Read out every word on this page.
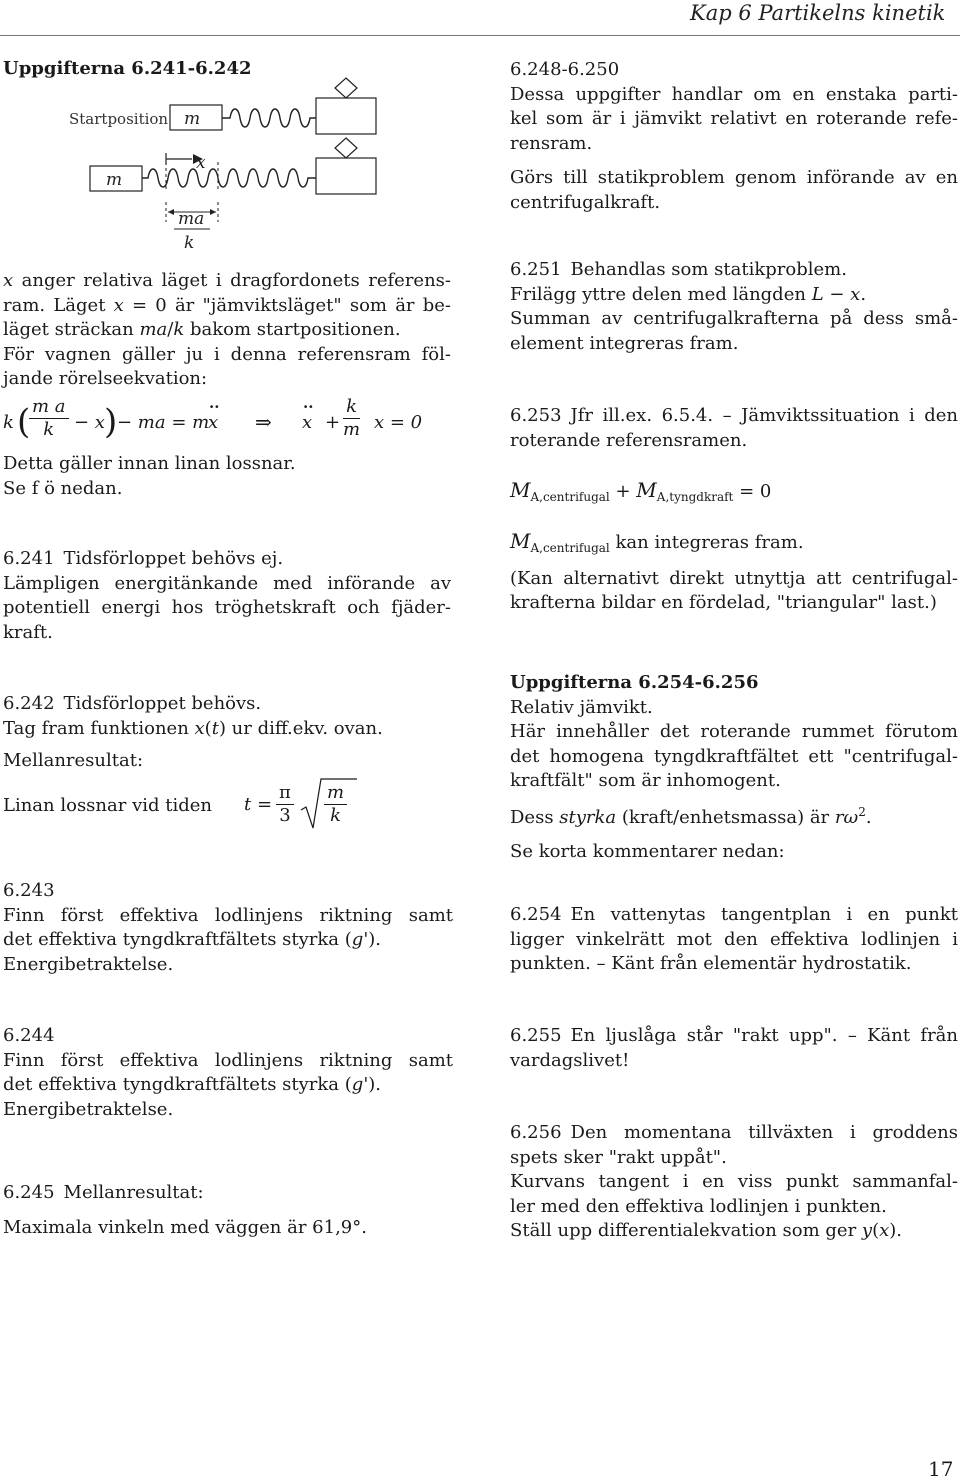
Kap 6 Partikelns kinetik
Uppgifterna 6.241-6.242
Startposition m
m
x
ma
k
x anger relativa läget i dragfordonets referens-
ram. Läget x = 0 är "jämviktsläget" som är be-
läget sträckan ma/k bakom startpositionen.
För vagnen gäller ju i denna referensram föl-
jande rörelseekvation:
k (
$\frac{\text{m a}}{k} - x$ ) − ma = m
x
··
⇒ x
··
+ $\frac{k}{m}$ x = 0
Detta gäller innan linan lossnar.
Se f ö nedan.
6.241 Tidsförloppet behövs ej.
Lämpligen energitänkande med införande av
potentiell energi hos tröghetskraft och fjäder-
kraft.
6.242 Tidsförloppet behövs.
Tag fram funktionen x(t) ur diff.ekv. ovan.
Mellanresultat:
Linan lossnar vid tiden $t = \frac{\pi}{3} \frac{m}{k}$
6.243
Finn först effektiva lodlinjens riktning samt
det effektiva tyngdkraftfältets styrka (g').
Energibetraktelse.
6.244
Finn först effektiva lodlinjens riktning samt
det effektiva tyngdkraftfältets styrka (g').
Energibetraktelse.
6.245 Mellanresultat:
Maximala vinkeln med väggen är 61,9°.
6.248-6.250
Dessa uppgifter handlar om en enstaka parti-
kel som är i jämvikt relativt en roterande refe-
rensram.
Görs till statikproblem genom införande av en
centrifugalkraft.
6.251 Behandlas som statikproblem.
Frilägg yttre delen med längden L − x.
Summan av centrifugalkrafterna på dess små-
element integreras fram.
6.253 Jfr ill.ex. 6.5.4. – Jämviktssituation i den
roterande referensramen.
$M_{A,centrifugal} + M_{A,tyngdkraft} = 0$
$M_{A,centrifugal}$ kan integreras fram.
(Kan alternativt direkt utnyttja att centrifugal-
krafterna bildar en fördelad, "triangular" last.)
Uppgifterna 6.254-6.256
Relativ jämvikt.
Här innehåller det roterande rummet förutom
det homogena tyngdkraftfältet ett "centrifugal-
kraftfält" som är inhomogent.
Dess styrka (kraft/enhetsmassa) är $r\omega^2$.
Se korta kommentarer nedan:
6.254 En vattenytas tangentplan i en punkt
ligger vinkelrätt mot den effektiva lodlinjen i
punkten. – Känt från elementär hydrostatik.
6.255 En ljuslåga står "rakt upp". – Känt från
vardagslivet!
6.256 Den momentana tillväxten i groddens
spets sker "rakt uppåt".
Kurvans tangent i en viss punkt sammanfal-
ler med den effektiva lodlinjen i punkten.
Ställ upp differentialekvation som ger y(x).
17
